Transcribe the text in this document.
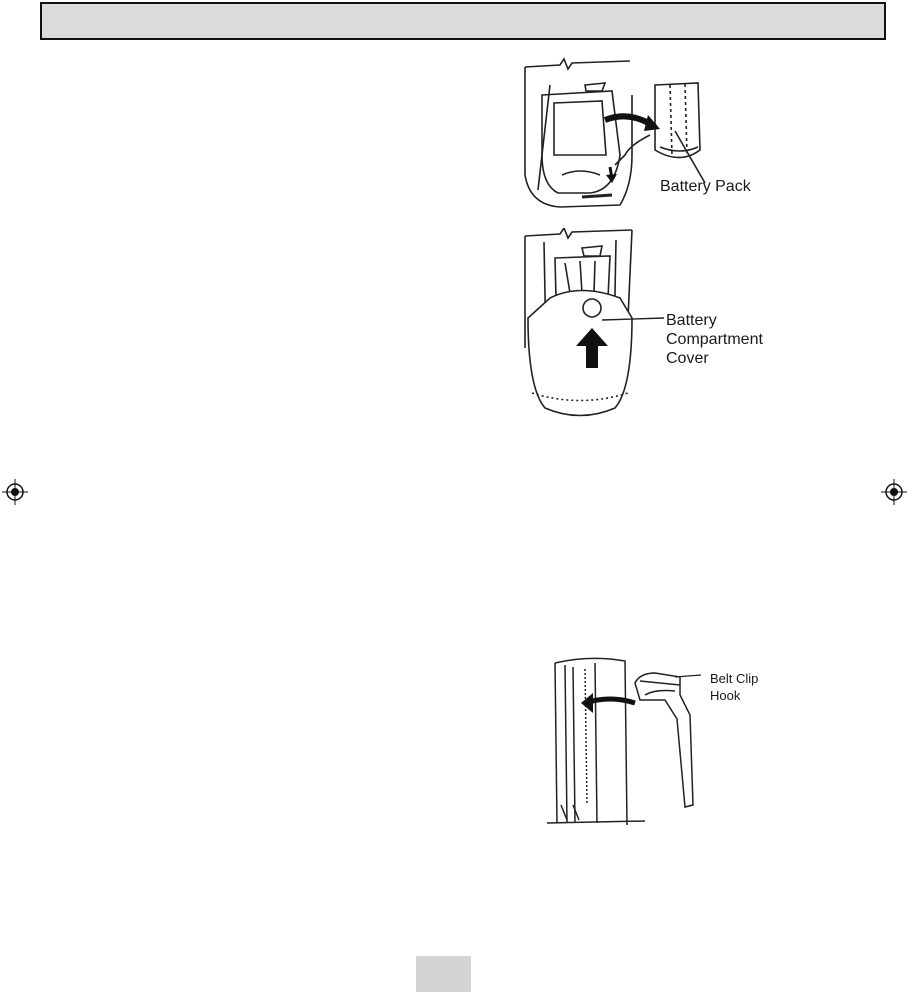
Battery Pack
Battery
Compartment
Cover
Belt Clip
Hook
